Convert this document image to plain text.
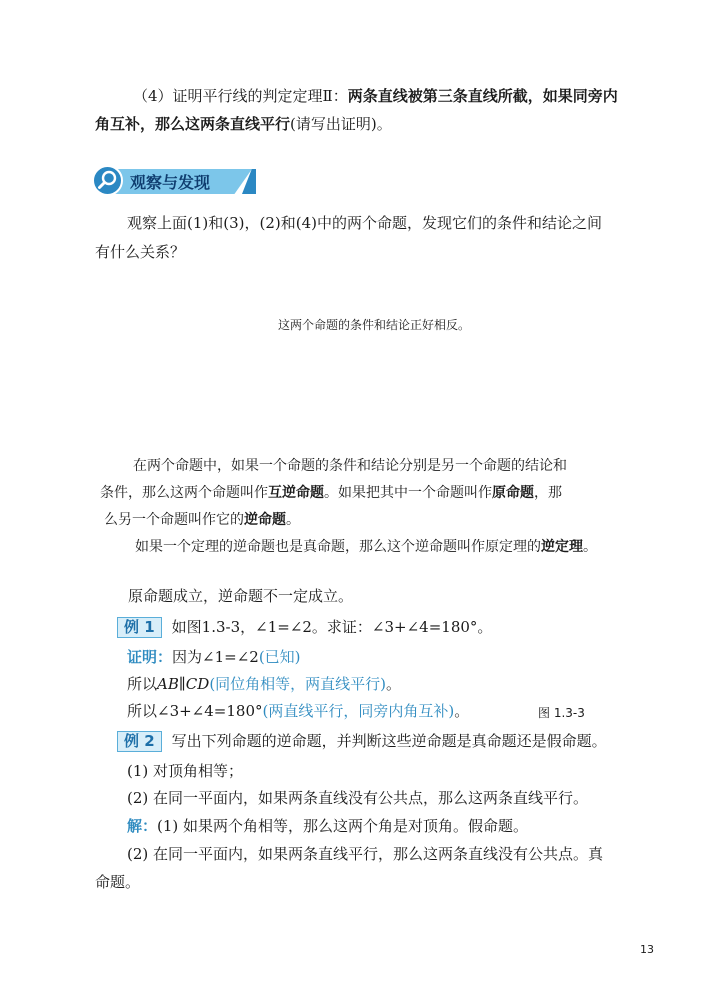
（4）证明平行线的判定定理Ⅱ：两条直线被第三条直线所截，如果同旁内
角互补，那么这两条直线平行(请写出证明)。
观察与发现
观察上面(1)和(3)，(2)和(4)中的两个命题，发现它们的条件和结论之间
有什么关系？
这两个命题的条件和结论正好相反。
在两个命题中，如果一个命题的条件和结论分别是另一个命题的结论和
条件，那么这两个命题叫作互逆命题。如果把其中一个命题叫作原命题，那
么另一个命题叫作它的逆命题。
如果一个定理的逆命题也是真命题，那么这个逆命题叫作原定理的逆定理。
原命题成立，逆命题不一定成立。
例 1 如图1.3-3，∠1=∠2。求证：∠3+∠4=180°。
证明：因为∠1=∠2(已知)
所以AB∥CD(同位角相等，两直线平行)。
所以∠3+∠4=180°(两直线平行，同旁内角互补)。	图 1.3-3
例 2 写出下列命题的逆命题，并判断这些逆命题是真命题还是假命题。
(1) 对顶角相等；
(2) 在同一平面内，如果两条直线没有公共点，那么这两条直线平行。
解：(1) 如果两个角相等，那么这两个角是对顶角。假命题。
(2) 在同一平面内，如果两条直线平行，那么这两条直线没有公共点。真
命题。
13
